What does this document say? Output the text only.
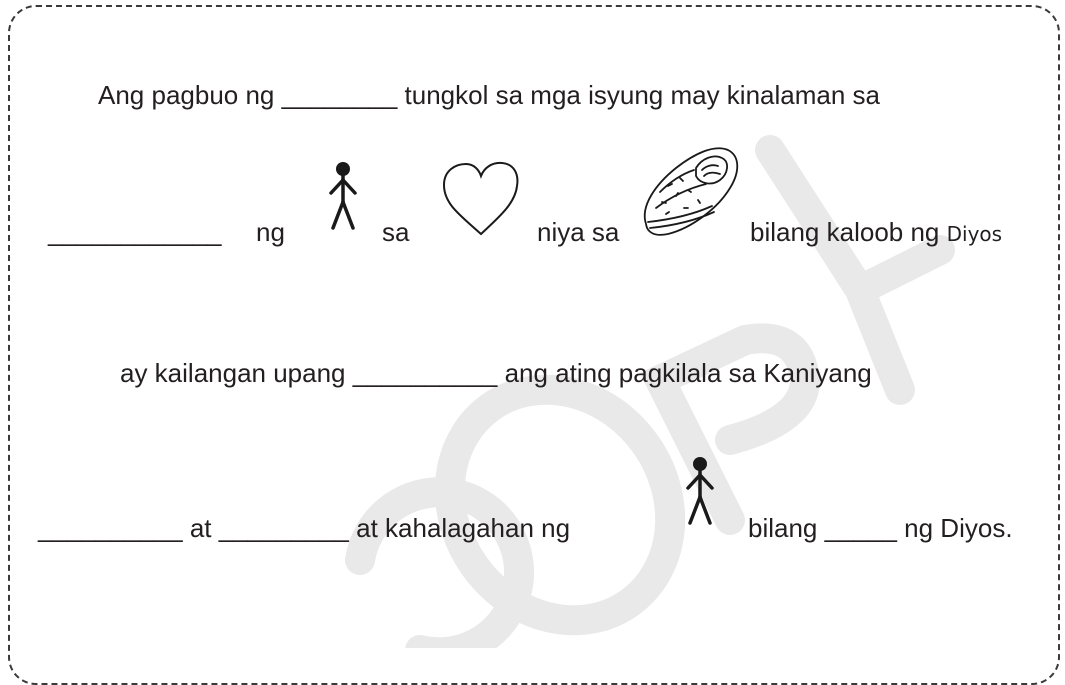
Ang pagbuo ng ________ tungkol sa mga isyung may kinalaman sa
____________ ng	sa	niya sa	bilang kaloob ng Diyos
ay kailangan upang __________ ang ating pagkilala sa Kaniyang
__________ at _________ at kahalagahan ng	bilang _____ ng Diyos.
